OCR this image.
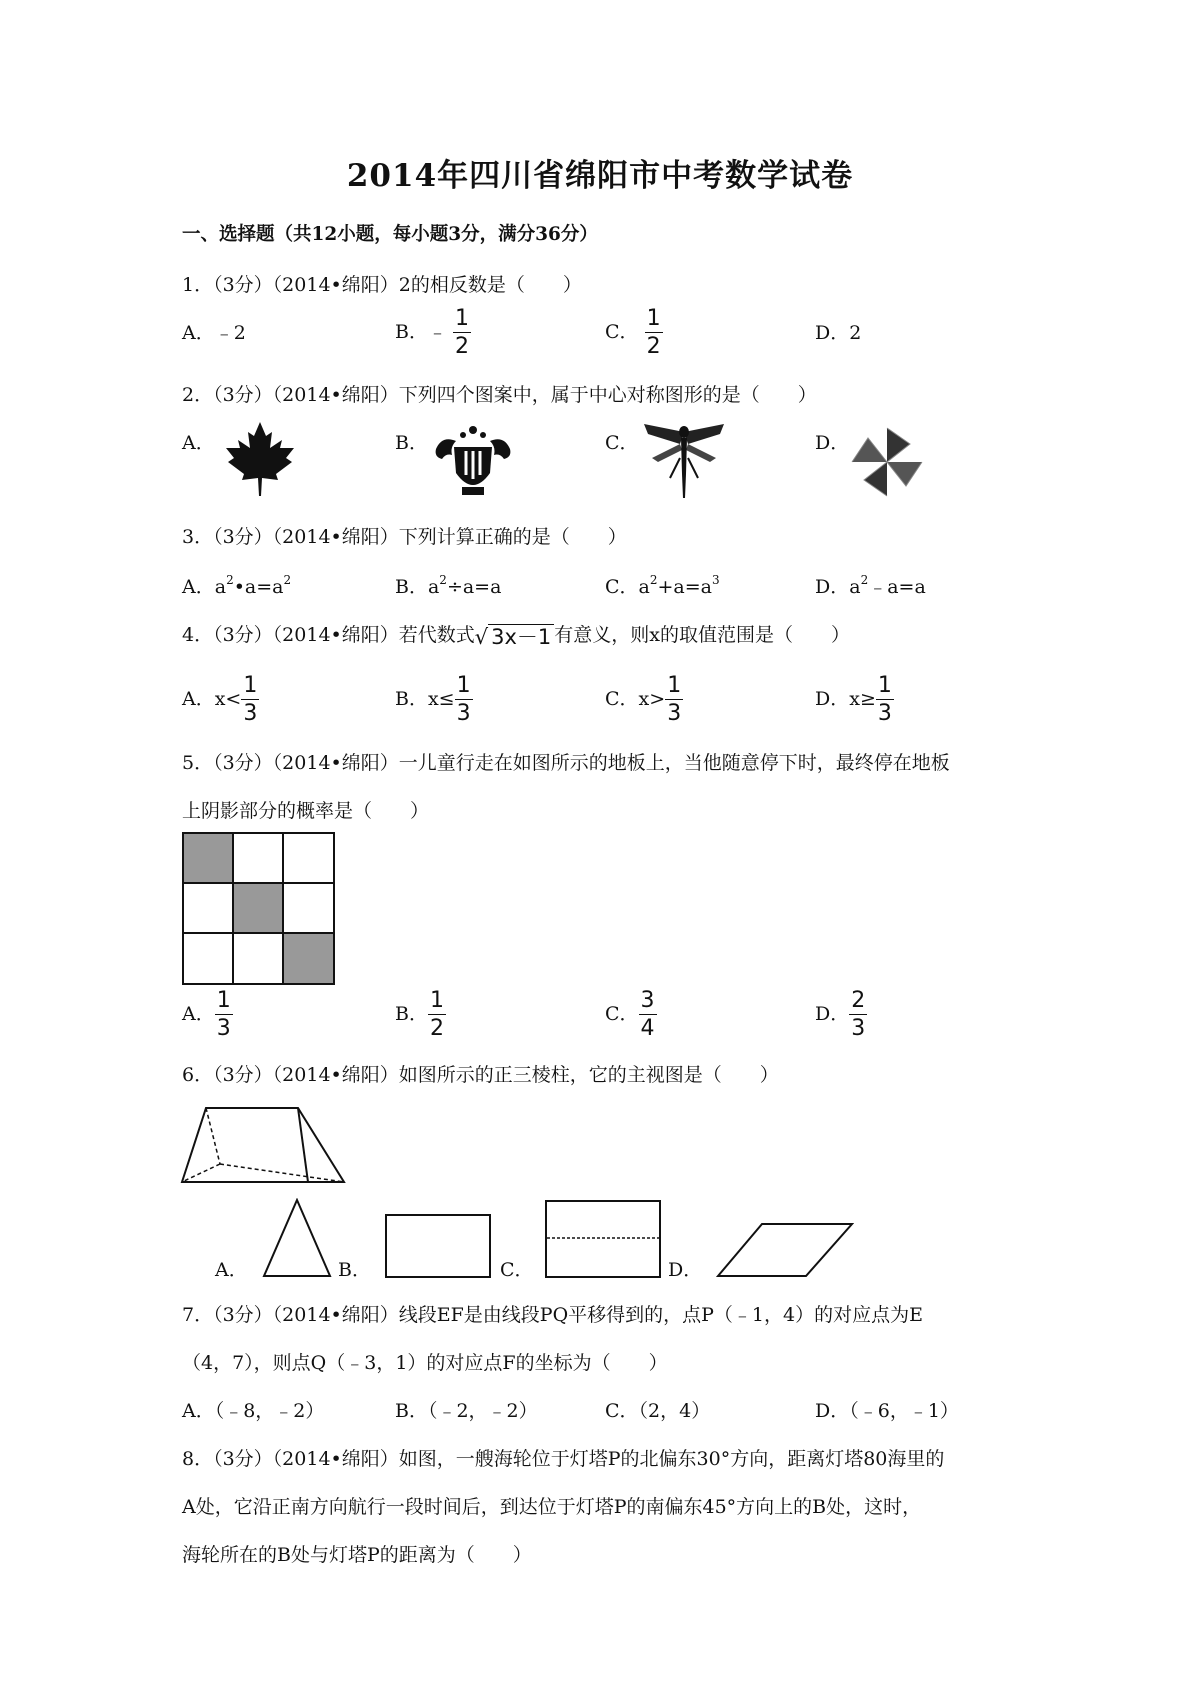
2014年四川省绵阳市中考数学试卷
一、选择题（共12小题，每小题3分，满分36分）
1．（3分）（2014•绵阳）2的相反数是（　　）
A．﹣2	B．﹣ $\frac{1}{2}$	C． $\frac{1}{2}$	D．2
2．（3分）（2014•绵阳）下列四个图案中，属于中心对称图形的是（　　）
A．	B．	C．	D．
3．（3分）（2014•绵阳）下列计算正确的是（　　）
A．$a^2•a=a^2$	B．$a^2\div a=a$	C．$a^2+a=a^3$	D．$a^2﹣a=a$
4．（3分）（2014•绵阳）若代数式√ 3x－1 有意义，则x的取值范围是（　　）
A．$x< \frac{1}{3}$	B．$x\le \frac{1}{3}$	C．$x> \frac{1}{3}$	D．$x\ge \frac{1}{3}$
5．（3分）（2014•绵阳）一儿童行走在如图所示的地板上，当他随意停下时，最终停在地板
上阴影部分的概率是（　　）
A． $\frac{1}{3}$	B． $\frac{1}{2}$	C． $\frac{3}{4}$	D． $\frac{2}{3}$
6．（3分）（2014•绵阳）如图所示的正三棱柱，它的主视图是（　　）
A．	B．	C．	D．
7．（3分）（2014•绵阳）线段EF是由线段PQ平移得到的，点P（﹣1，4）的对应点为E
（4，7），则点Q（﹣3，1）的对应点F的坐标为（　　）
A．（﹣8，﹣2）	B．（﹣2，﹣2）	C．（2，4）	D．（﹣6，﹣1）
8．（3分）（2014•绵阳）如图，一艘海轮位于灯塔P的北偏东30°方向，距离灯塔80海里的
A处，它沿正南方向航行一段时间后，到达位于灯塔P的南偏东45°方向上的B处，这时，
海轮所在的B处与灯塔P的距离为（　　）
